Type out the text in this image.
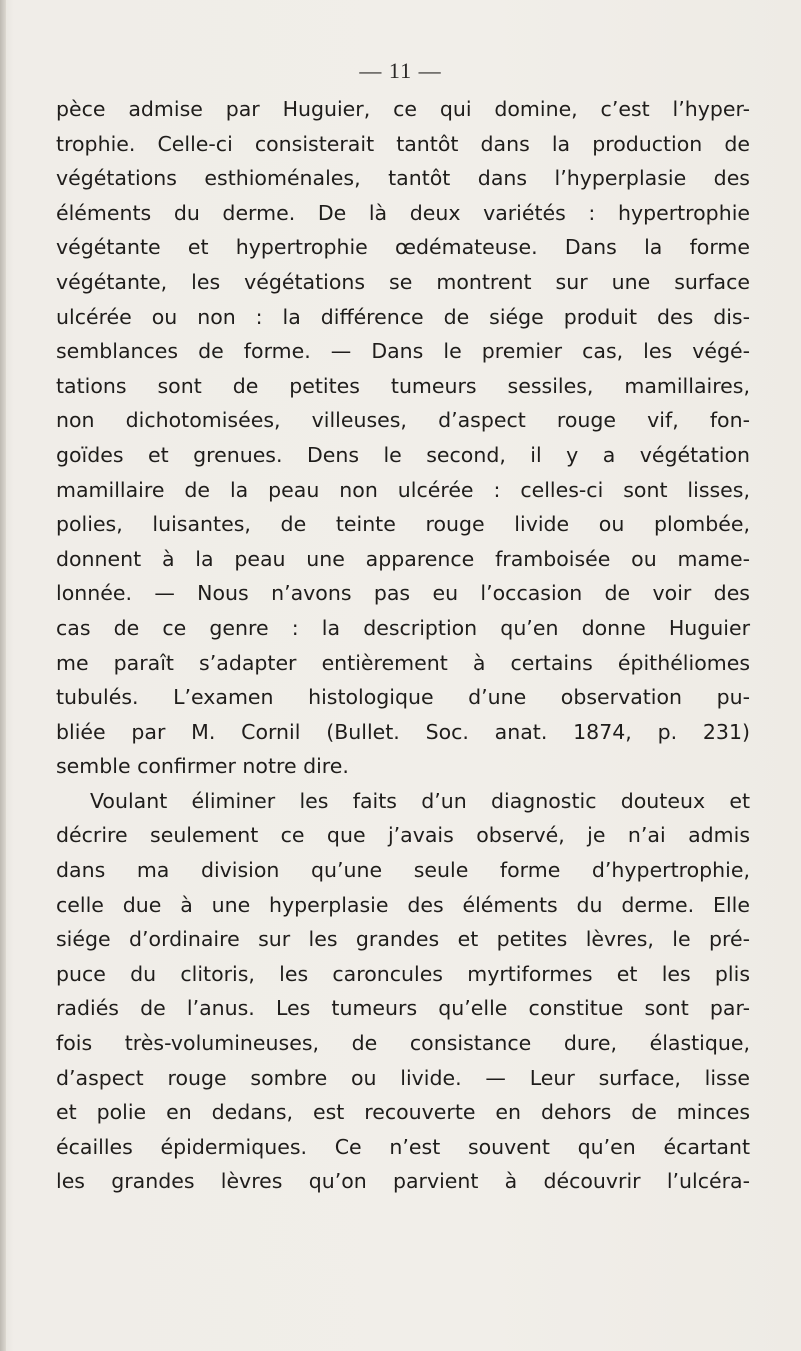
— 11 —
pèce admise par Huguier, ce qui domine, c’est l’hyper-
trophie. Celle-ci consisterait tantôt dans la production de
végétations esthioménales, tantôt dans l’hyperplasie des
éléments du derme. De là deux variétés : hypertrophie
végétante et hypertrophie œdémateuse. Dans la forme
végétante, les végétations se montrent sur une surface
ulcérée ou non : la différence de siége produit des dis-
semblances de forme. — Dans le premier cas, les végé-
tations sont de petites tumeurs sessiles, mamillaires,
non dichotomisées, villeuses, d’aspect rouge vif, fon-
goïdes et grenues. Dens le second, il y a végétation
mamillaire de la peau non ulcérée : celles-ci sont lisses,
polies, luisantes, de teinte rouge livide ou plombée,
donnent à la peau une apparence framboisée ou mame-
lonnée. — Nous n’avons pas eu l’occasion de voir des
cas de ce genre : la description qu’en donne Huguier
me paraît s’adapter entièrement à certains épithéliomes
tubulés. L’examen histologique d’une observation pu-
bliée par M. Cornil (Bullet. Soc. anat. 1874, p. 231)
semble confirmer notre dire.
Voulant éliminer les faits d’un diagnostic douteux et
décrire seulement ce que j’avais observé, je n’ai admis
dans ma division qu’une seule forme d’hypertrophie,
celle due à une hyperplasie des éléments du derme. Elle
siége d’ordinaire sur les grandes et petites lèvres, le pré-
puce du clitoris, les caroncules myrtiformes et les plis
radiés de l’anus. Les tumeurs qu’elle constitue sont par-
fois très-volumineuses, de consistance dure, élastique,
d’aspect rouge sombre ou livide. — Leur surface, lisse
et polie en dedans, est recouverte en dehors de minces
écailles épidermiques. Ce n’est souvent qu’en écartant
les grandes lèvres qu’on parvient à découvrir l’ulcéra-
